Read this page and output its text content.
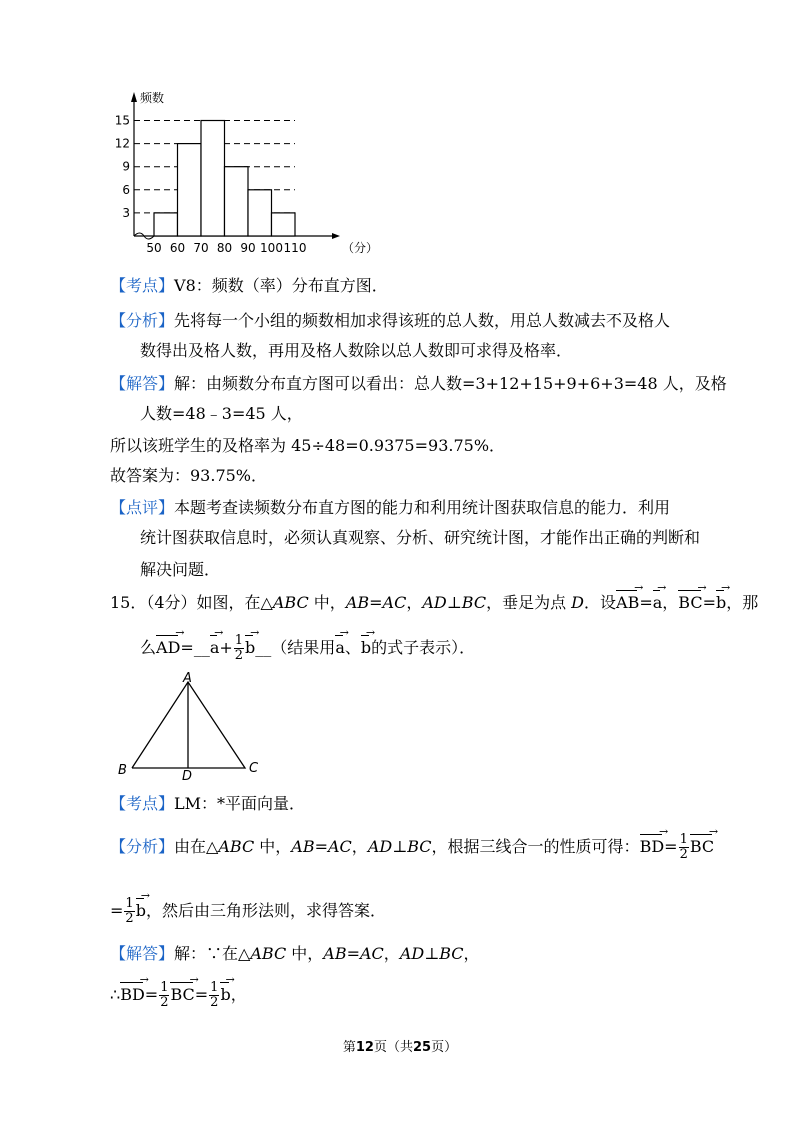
频数
（分）
3
6
9
12
15
50 60 70 80 90 100 110
【考点】V8：频数（率）分布直方图．
【分析】先将每一个小组的频数相加求得该班的总人数，用总人数减去不及格人
数得出及格人数，再用及格人数除以总人数即可求得及格率．
【解答】解：由频数分布直方图可以看出：总人数=3+12+15+9+6+3=48 人，及格
人数=48﹣3=45 人，
所以该班学生的及格率为 45÷48=0.9375=93.75%．
故答案为：93.75%．
【点评】本题考查读频数分布直方图的能力和利用统计图获取信息的能力．利用
统计图获取信息时，必须认真观察、分析、研究统计图，才能作出正确的判断和
解决问题．
15．（4分）如图，在△ABC 中，AB=AC，AD⊥BC，垂足为点 D．设AB →=a →，BC →=b →，那
么AD →=__a →+ $\frac{1}{2}$ b →__（结果用a →、b →的式子表示）．
A
B	C
D
【考点】LM：*平面向量．
【分析】由在△ABC 中，AB=AC，AD⊥BC，根据三线合一的性质可得：BD →= $\frac{1}{2}$ BC →
= $\frac{1}{2}$ b →，然后由三角形法则，求得答案．
【解答】解：∵在△ABC 中，AB=AC，AD⊥BC，
∴BD →= $\frac{1}{2}$ BC →= $\frac{1}{2}$ b →，
第12页（共25页）
